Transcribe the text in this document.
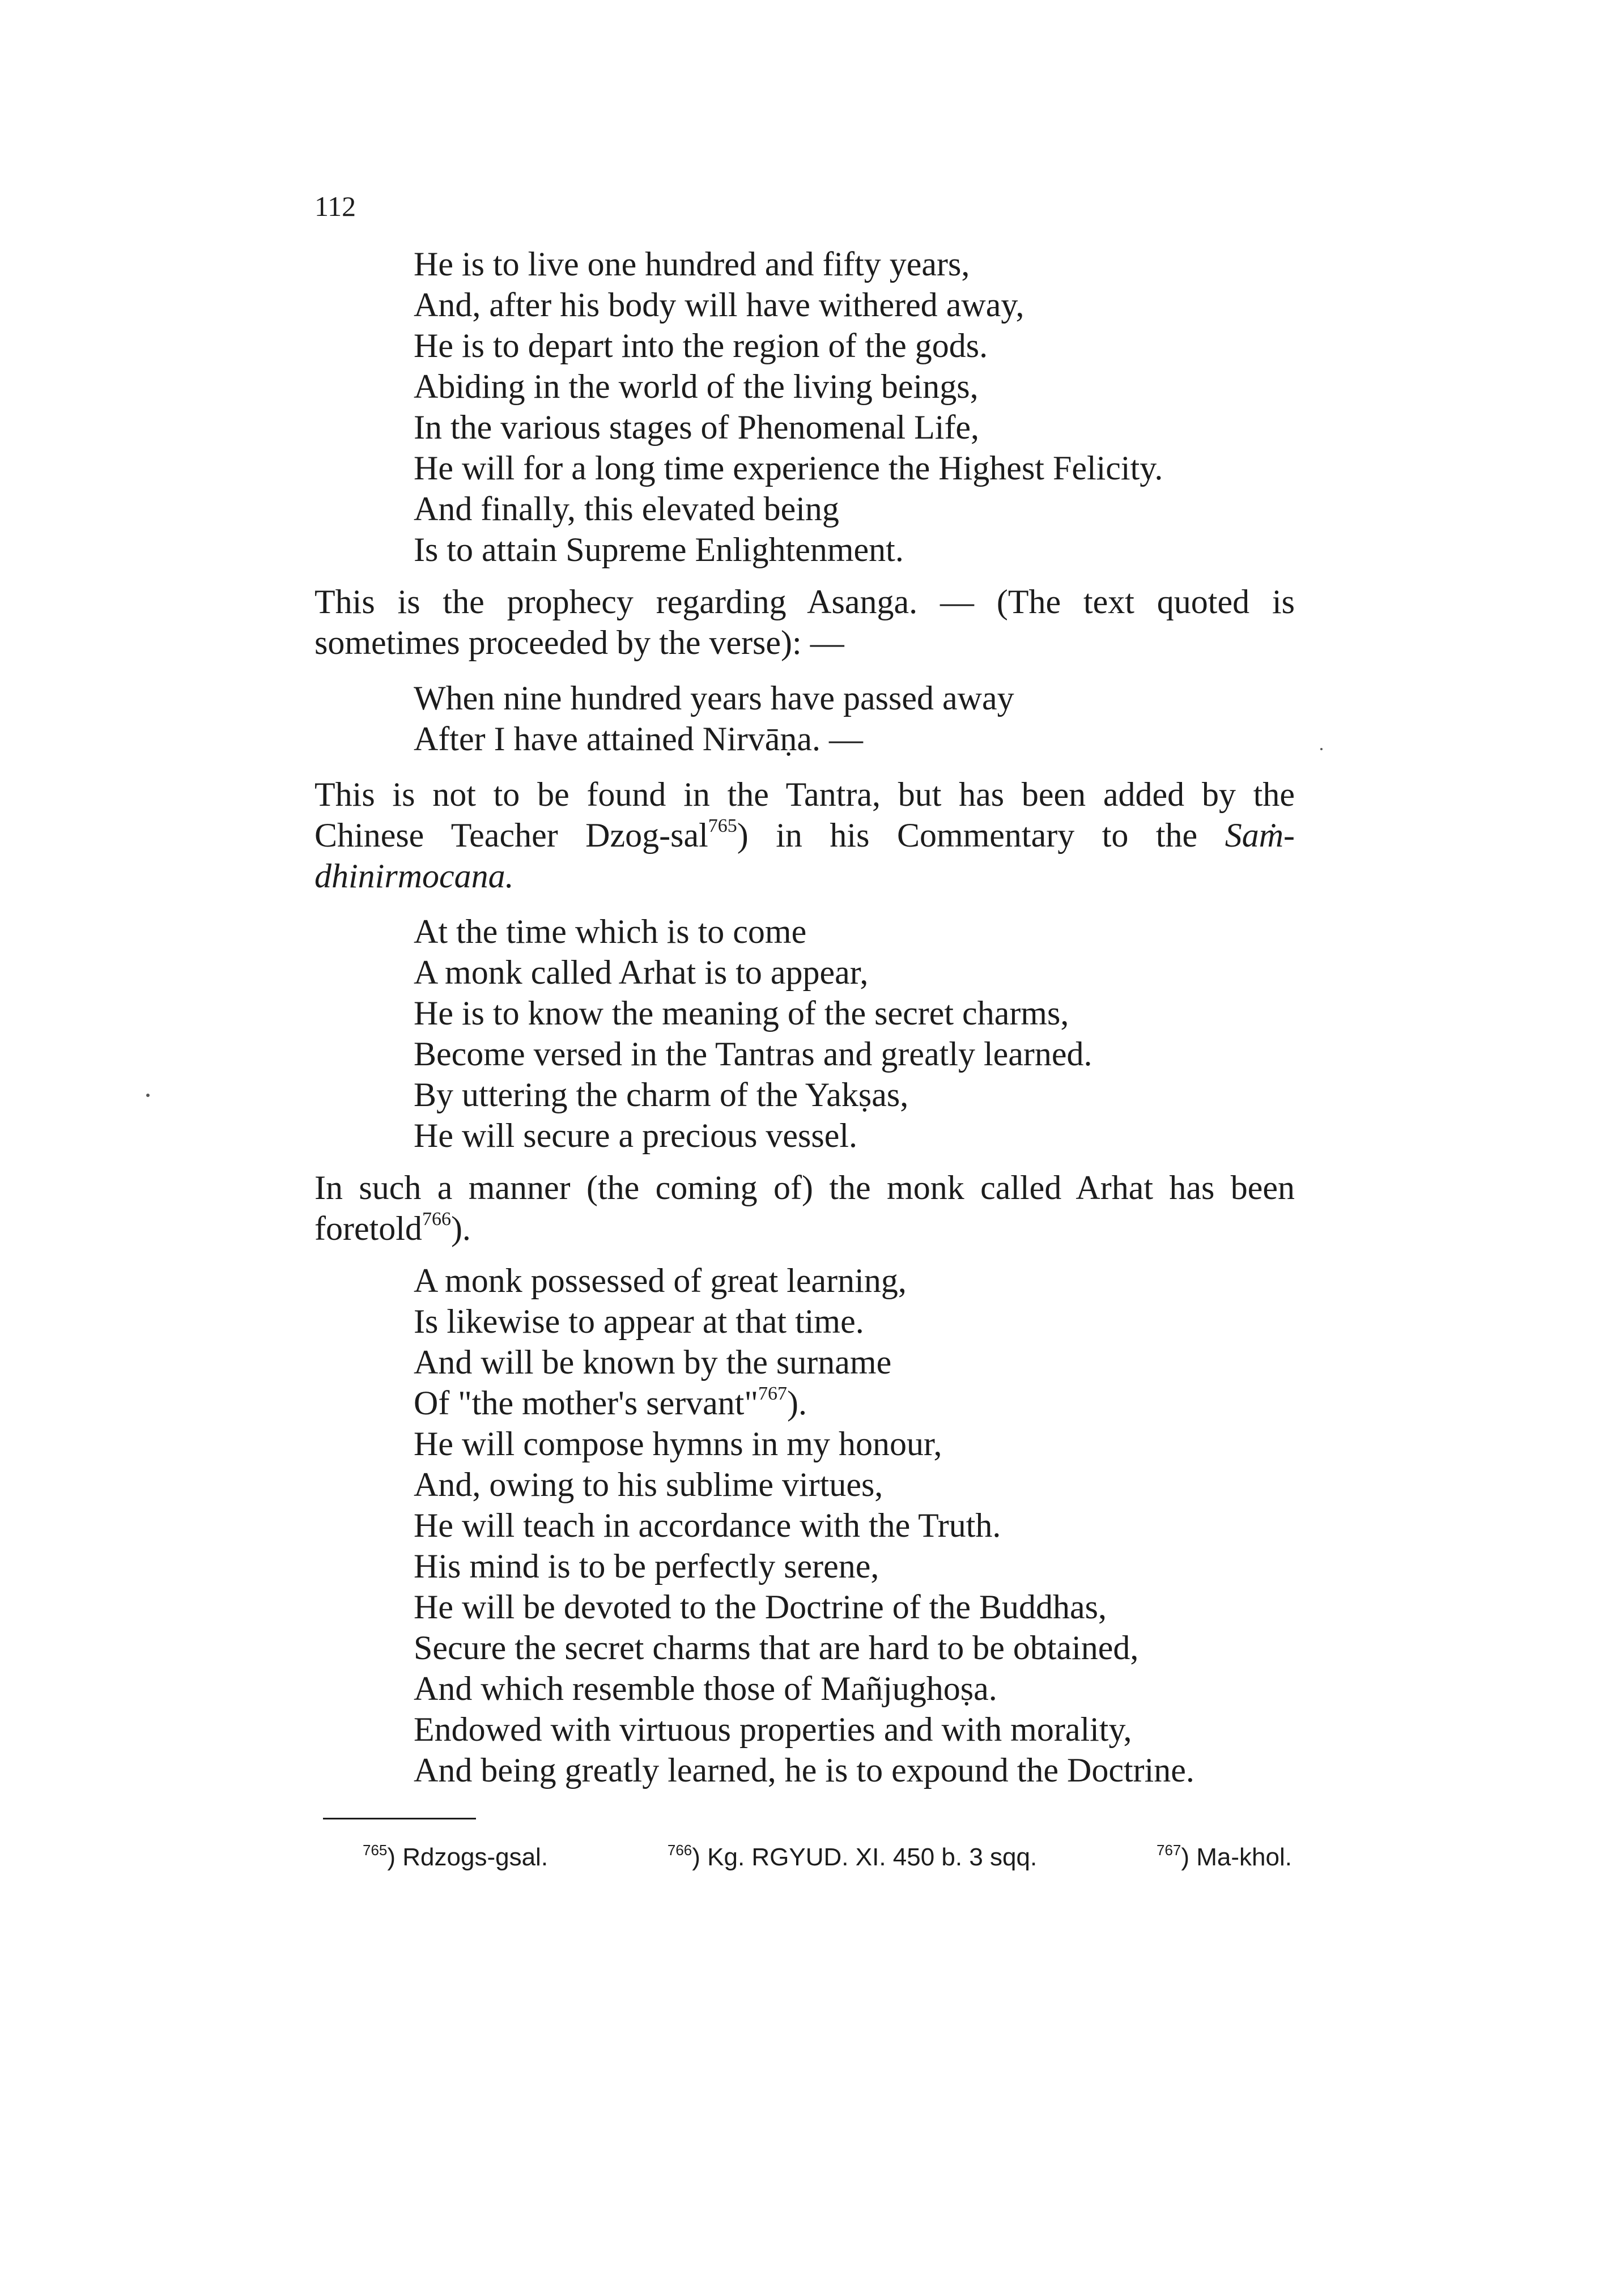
112
He is to live one hundred and fifty years,
And, after his body will have withered away,
He is to depart into the region of the gods.
Abiding in the world of the living beings,
In the various stages of Phenomenal Life,
He will for a long time experience the Highest Felicity.
And finally, this elevated being
Is to attain Supreme Enlightenment.
This is the prophecy regarding Asanga. — (The text quoted is
sometimes proceeded by the verse): —
When nine hundred years have passed away
After I have attained Nirvāṇa. —
This is not to be found in the Tantra, but has been added by the
Chinese Teacher Dzog-sal$^{765}$) in his Commentary to the Saṁ-
dhinirmocana.
At the time which is to come
A monk called Arhat is to appear,
He is to know the meaning of the secret charms,
Become versed in the Tantras and greatly learned.
By uttering the charm of the Yakṣas,
He will secure a precious vessel.
In such a manner (the coming of) the monk called Arhat has been
foretold$^{766}$).
A monk possessed of great learning,
Is likewise to appear at that time.
And will be known by the surname
Of "the mother's servant"$^{767}$).
He will compose hymns in my honour,
And, owing to his sublime virtues,
He will teach in accordance with the Truth.
His mind is to be perfectly serene,
He will be devoted to the Doctrine of the Buddhas,
Secure the secret charms that are hard to be obtained,
And which resemble those of Mañjughoṣa.
Endowed with virtuous properties and with morality,
And being greatly learned, he is to expound the Doctrine.
$^{765}$) Rdzogs-gsal.	$^{766}$) Kg. RGYUD. XI. 450 b. 3 sqq.	$^{767}$) Ma-khol.
